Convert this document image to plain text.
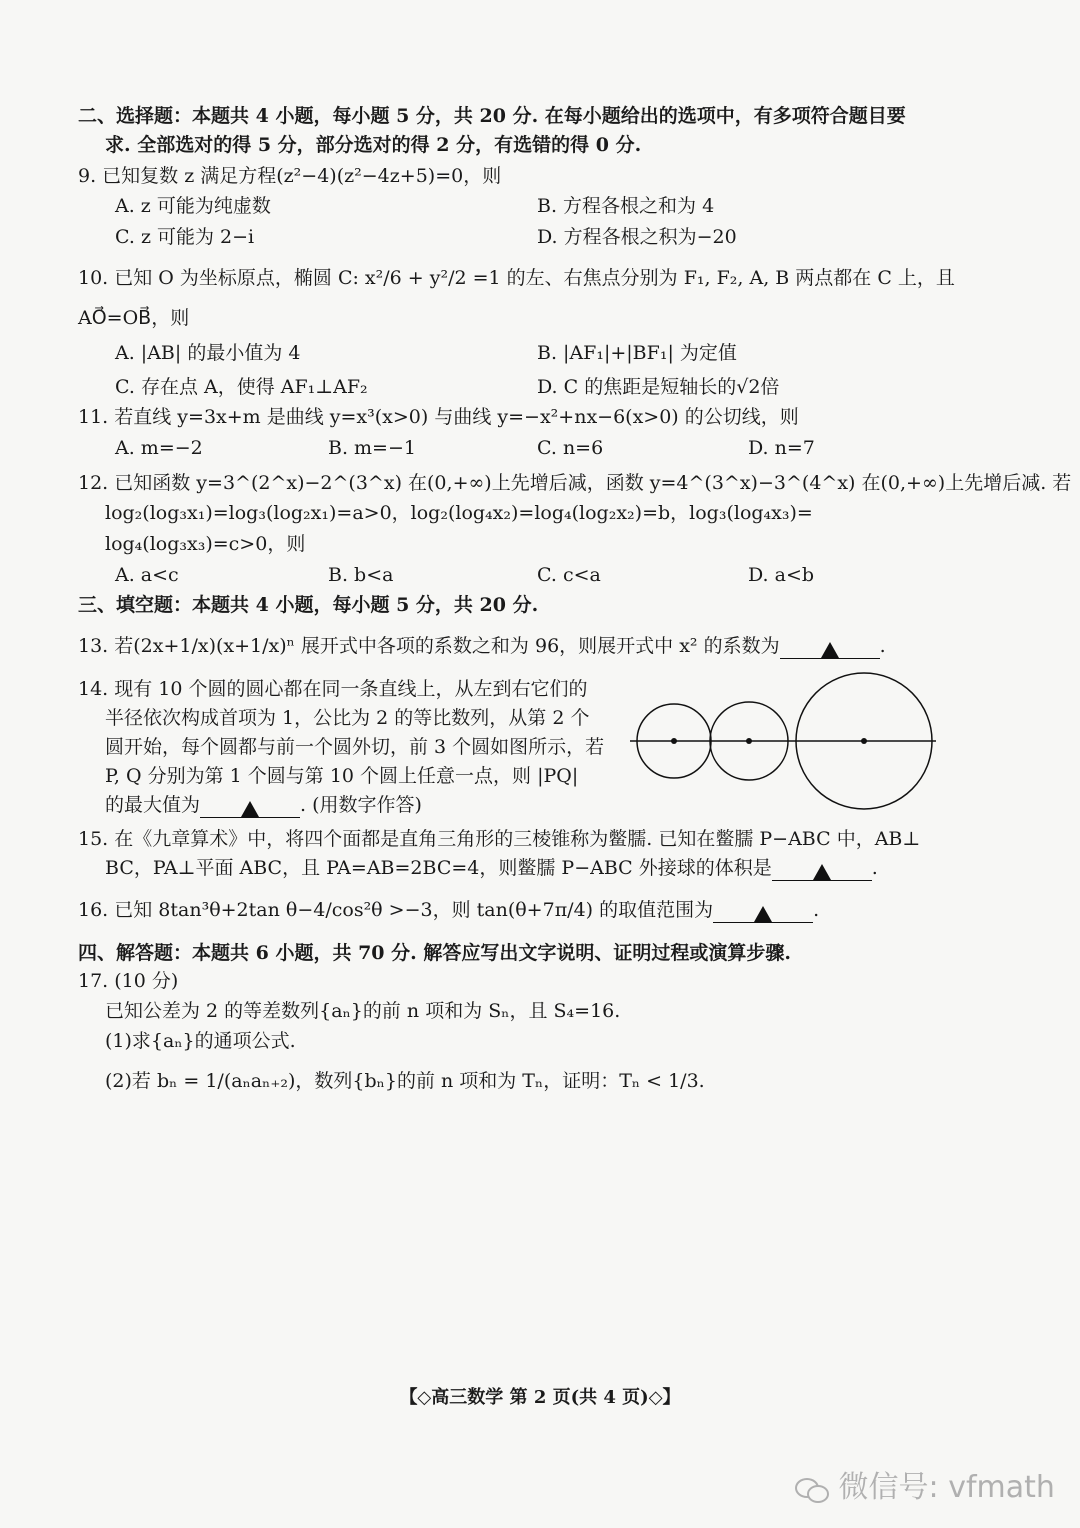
二、选择题：本题共 4 小题，每小题 5 分，共 20 分. 在每小题给出的选项中，有多项符合题目要
求. 全部选对的得 5 分，部分选对的得 2 分，有选错的得 0 分.
9. 已知复数 z 满足方程(z²−4)(z²−4z+5)=0，则
A. z 可能为纯虚数	B. 方程各根之和为 4
C. z 可能为 2−i	D. 方程各根之积为−20
10. 已知 O 为坐标原点，椭圆 C: x²/6 + y²/2 =1 的左、右焦点分别为 F₁, F₂, A, B 两点都在 C 上，且
AO⃗=OB⃗，则
A. |AB| 的最小值为 4	B. |AF₁|+|BF₁| 为定值
C. 存在点 A，使得 AF₁⊥AF₂	D. C 的焦距是短轴长的√2倍
11. 若直线 y=3x+m 是曲线 y=x³(x>0) 与曲线 y=−x²+nx−6(x>0) 的公切线，则
A. m=−2	B. m=−1	C. n=6	D. n=7
12. 已知函数 y=3^(2^x)−2^(3^x) 在(0,+∞)上先增后减，函数 y=4^(3^x)−3^(4^x) 在(0,+∞)上先增后减. 若
log₂(log₃x₁)=log₃(log₂x₁)=a>0，log₂(log₄x₂)=log₄(log₂x₂)=b，log₃(log₄x₃)=
log₄(log₃x₃)=c>0，则
A. a<c	B. b<a	C. c<a	D. a<b
三、填空题：本题共 4 小题，每小题 5 分，共 20 分.
13. 若(2x+1/x)(x+1/x)ⁿ 展开式中各项的系数之和为 96，则展开式中 x² 的系数为	.
14. 现有 10 个圆的圆心都在同一条直线上，从左到右它们的
半径依次构成首项为 1，公比为 2 的等比数列，从第 2 个
圆开始，每个圆都与前一个圆外切，前 3 个圆如图所示，若
P, Q 分别为第 1 个圆与第 10 个圆上任意一点，则 |PQ|
的最大值为	. (用数字作答)
15. 在《九章算术》中，将四个面都是直角三角形的三棱锥称为鳖臑. 已知在鳖臑 P−ABC 中，AB⊥
BC，PA⊥平面 ABC，且 PA=AB=2BC=4，则鳖臑 P−ABC 外接球的体积是	.
16. 已知 8tan³θ+2tan θ−4/cos²θ >−3，则 tan(θ+7π/4) 的取值范围为	.
四、解答题：本题共 6 小题，共 70 分. 解答应写出文字说明、证明过程或演算步骤.
17. (10 分)
已知公差为 2 的等差数列{aₙ}的前 n 项和为 Sₙ，且 S₄=16.
(1)求{aₙ}的通项公式.
(2)若 bₙ = 1/(aₙaₙ₊₂)，数列{bₙ}的前 n 项和为 Tₙ，证明：Tₙ < 1/3.
【◇高三数学 第 2 页(共 4 页)◇】
微信号: vfmath
